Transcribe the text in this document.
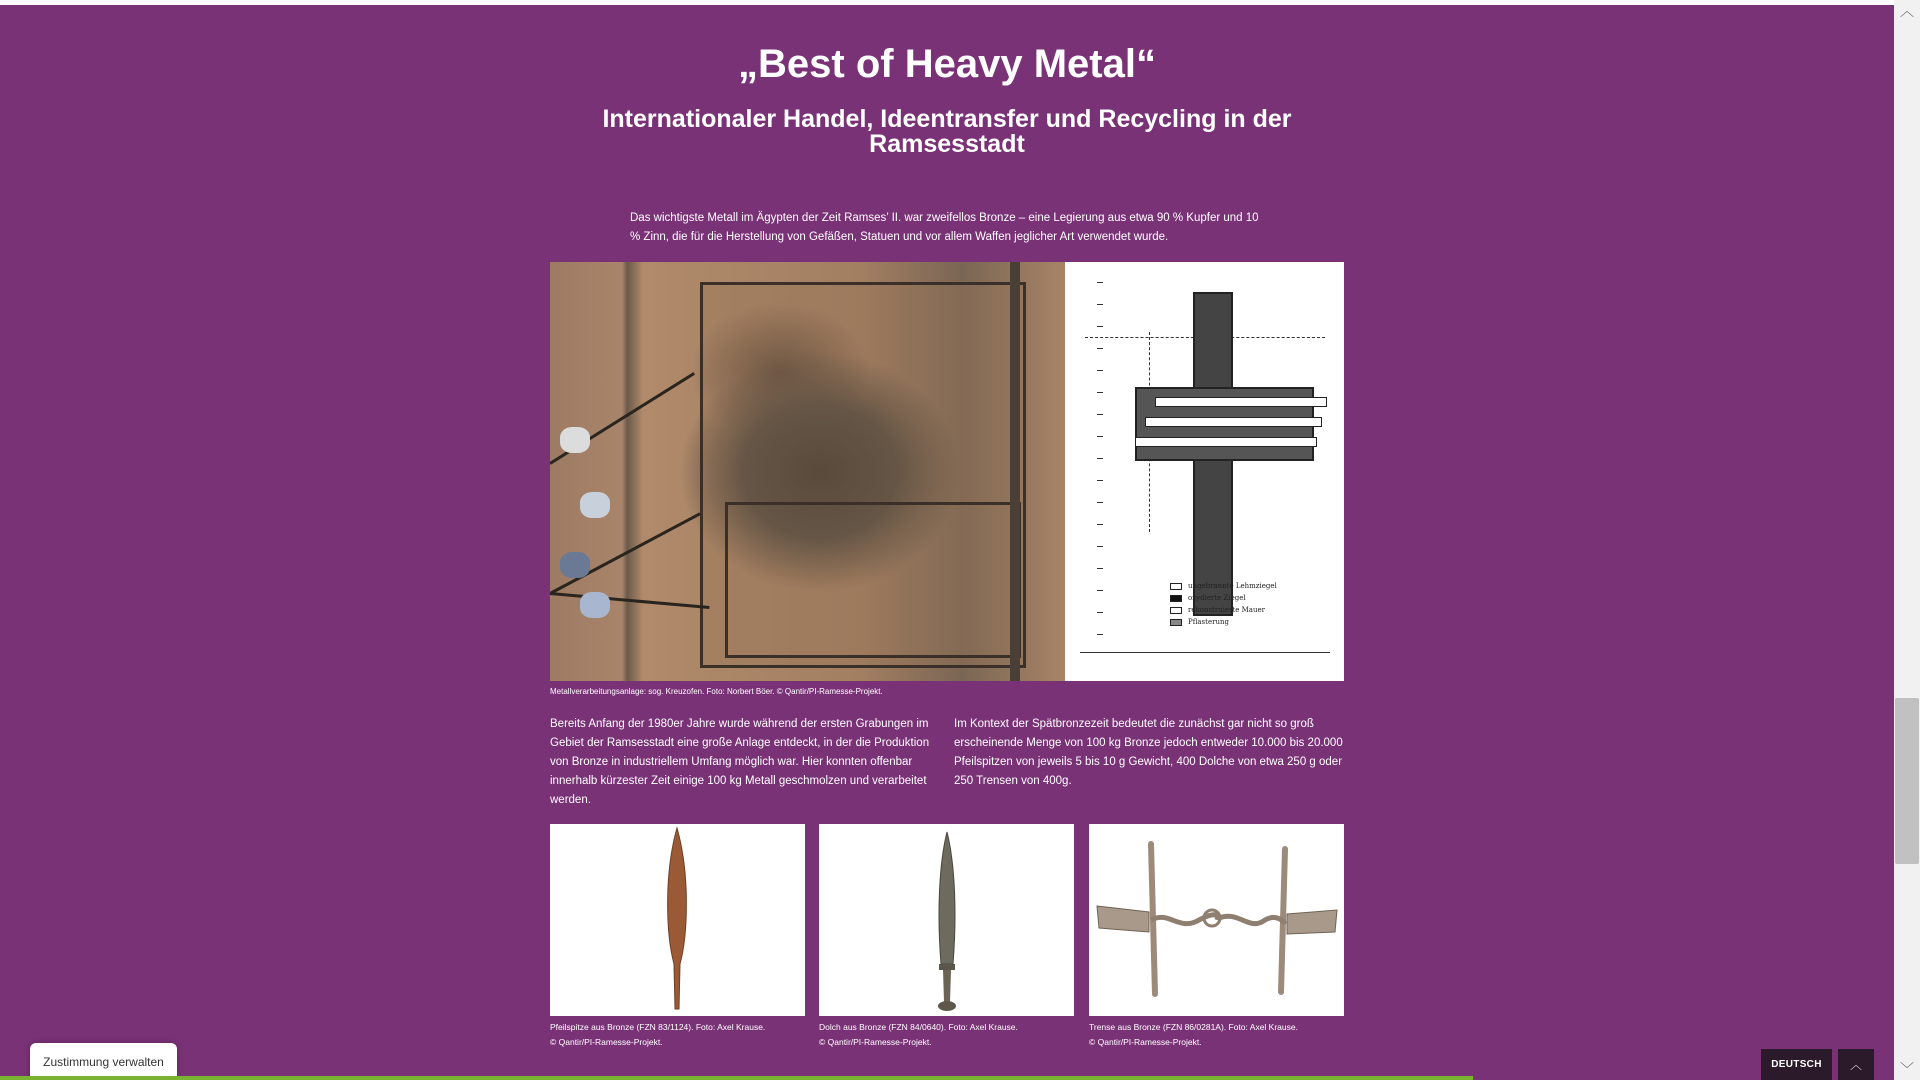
„Best of Heavy Metal“
Internationaler Handel, Ideentransfer und Recycling in der Ramsesstadt

Das wichtigste Metall im Ägypten der Zeit Ramses’ II. war zweifellos Bronze – eine Legierung aus etwa 90 % Kupfer und 10 % Zinn, die für die Herstellung von Gefäßen, Statuen und vor allem Waffen jeglicher Art verwendet wurde.

ungebrannte Lehmziegel
oxydierte Ziegel
rekonstruierte Mauer
Pflasterung

Metallverarbeitungsanlage: sog. Kreuzofen. Foto: Norbert Böer. © Qantir/PI-Ramesse-Projekt.

Bereits Anfang der 1980er Jahre wurde während der ersten Grabungen im Gebiet der Ramsesstadt eine große Anlage entdeckt, in der die Produktion von Bronze in industriellem Umfang möglich war. Hier konnten offenbar innerhalb kürzester Zeit einige 100 kg Metall geschmolzen und verarbeitet werden.

Im Kontext der Spätbronzezeit bedeutet die zunächst gar nicht so groß erscheinende Menge von 100 kg Bronze jedoch entweder 10.000 bis 20.000 Pfeilspitzen von jeweils 5 bis 10 g Gewicht, 400 Dolche von etwa 250 g oder 250 Trensen von 400g.

Pfeilspitze aus Bronze (FZN 83/1124). Foto: Axel Krause.
© Qantir/PI-Ramesse-Projekt.

Dolch aus Bronze (FZN 84/0640). Foto: Axel Krause.
© Qantir/PI-Ramesse-Projekt.

Trense aus Bronze (FZN 86/0281A). Foto: Axel Krause.
© Qantir/PI-Ramesse-Projekt.

Zustimmung verwalten	DEUTSCH	︿
︿
﹀
